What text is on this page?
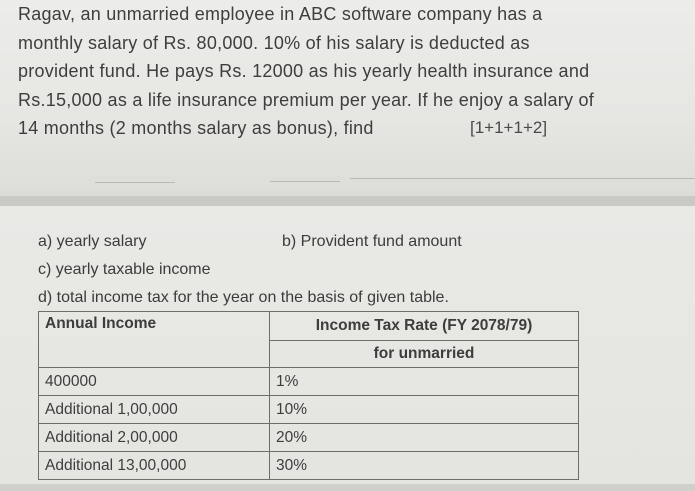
Ragav, an unmarried employee in ABC software company has a
monthly salary of Rs. 80,000. 10% of his salary is deducted as
provident fund. He pays Rs. 12000 as his yearly health insurance and
Rs.15,000 as a life insurance premium per year. If he enjoy a salary of
14 months (2 months salary as bonus), find	[1+1+1+2]
a) yearly salary	b) Provident fund amount
c) yearly taxable income
d) total income tax for the year on the basis of given table.
Annual Income	Income Tax Rate (FY 2078/79)
	for unmarried
400000	1%
Additional 1,00,000	10%
Additional 2,00,000	20%
Additional 13,00,000	30%
